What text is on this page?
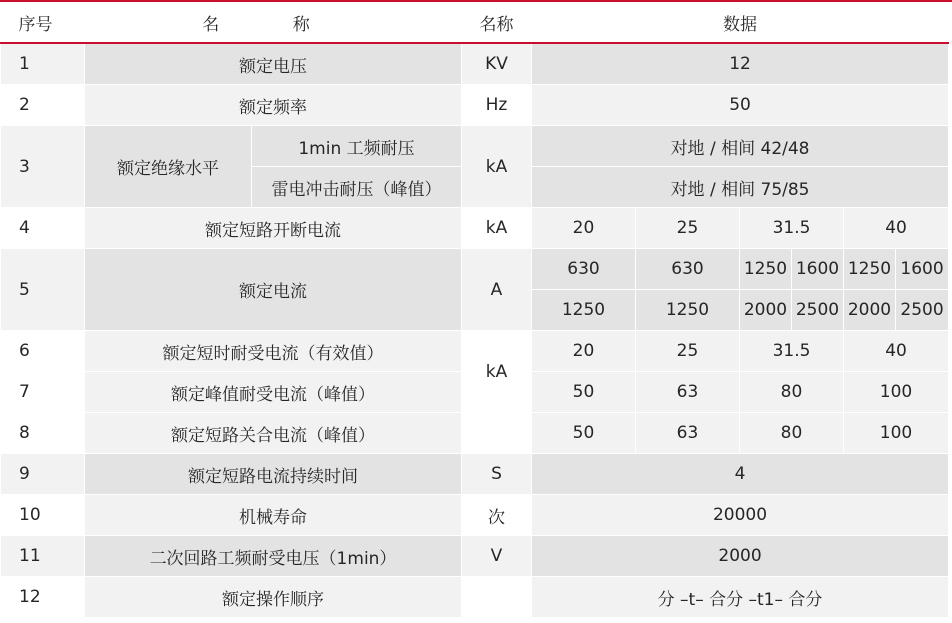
序号	名 称		名称	数据					
1	额定电压		KV	12					
2	额定频率		Hz	50					
3	额定绝缘水平	1min 工频耐压	kA	对地 / 相间 42/48					
		雷电冲击耐压（峰值）		对地 / 相间 75/85					
4	额定短路开断电流		kA	20	25	31.5		40	
5	额定电流		A	630	630	1250	1600	1250	1600
				1250	1250	2000	2500	2000	2500
6	额定短时耐受电流（有效值）		kA	20	25	31.5		40	
7	额定峰值耐受电流（峰值）			50	63	80		100	
8	额定短路关合电流（峰值）			50	63	80		100	
9	额定短路电流持续时间		S	4					
10	机械寿命		次	20000					
11	二次回路工频耐受电压（1min）		V	2000					
12	额定操作顺序			分 –t– 合分 –t1– 合分					
